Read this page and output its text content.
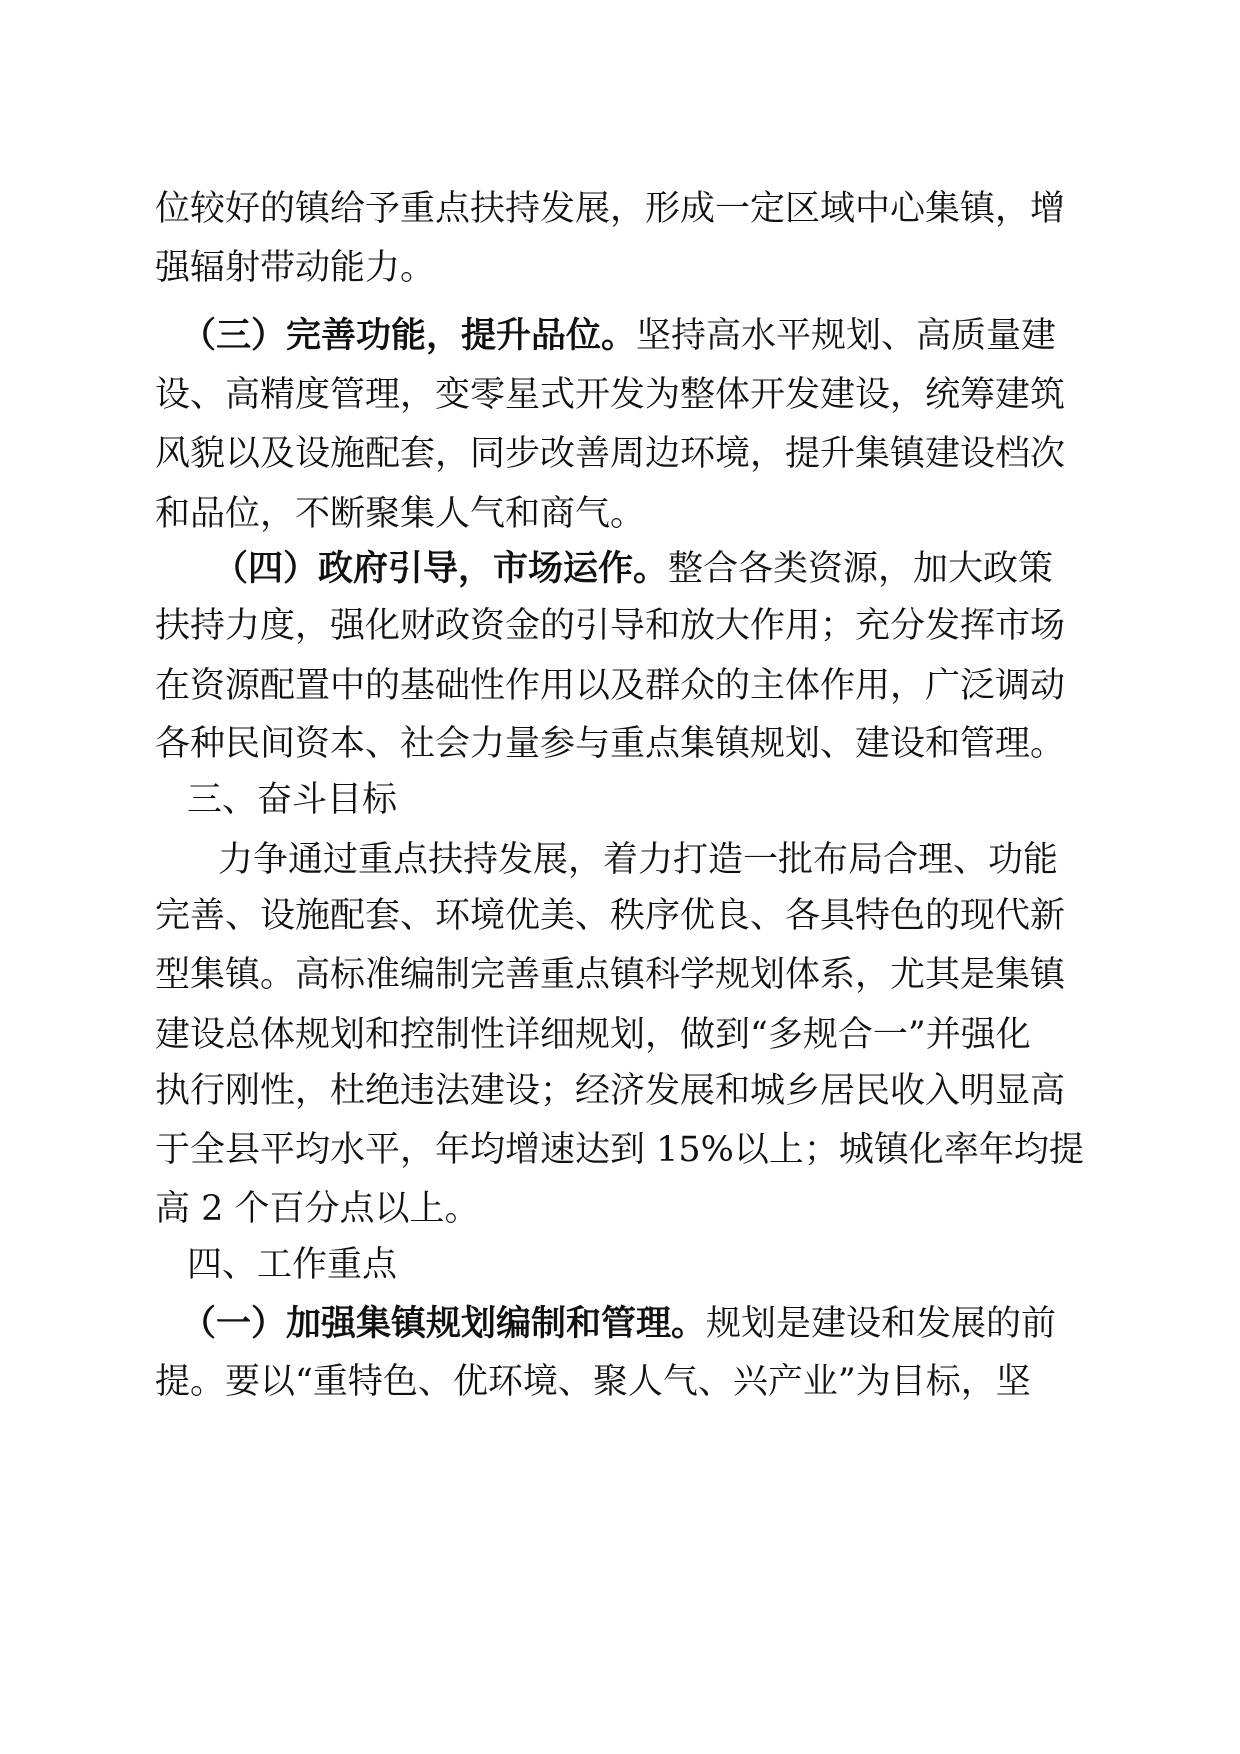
位较好的镇给予重点扶持发展，形成一定区域中心集镇，增
强辐射带动能力。
（三）完善功能，提升品位。坚持高水平规划、高质量建
设、高精度管理，变零星式开发为整体开发建设，统筹建筑
风貌以及设施配套，同步改善周边环境，提升集镇建设档次
和品位，不断聚集人气和商气。
（四）政府引导，市场运作。整合各类资源，加大政策
扶持力度，强化财政资金的引导和放大作用；充分发挥市场
在资源配置中的基础性作用以及群众的主体作用，广泛调动
各种民间资本、社会力量参与重点集镇规划、建设和管理。
三、奋斗目标
力争通过重点扶持发展，着力打造一批布局合理、功能
完善、设施配套、环境优美、秩序优良、各具特色的现代新
型集镇。高标准编制完善重点镇科学规划体系，尤其是集镇
建设总体规划和控制性详细规划，做到“多规合一”并强化
执行刚性，杜绝违法建设；经济发展和城乡居民收入明显高
于全县平均水平，年均增速达到 15%以上；城镇化率年均提
高 2 个百分点以上。
四、工作重点
（一）加强集镇规划编制和管理。规划是建设和发展的前
提。要以“重特色、优环境、聚人气、兴产业”为目标，坚
